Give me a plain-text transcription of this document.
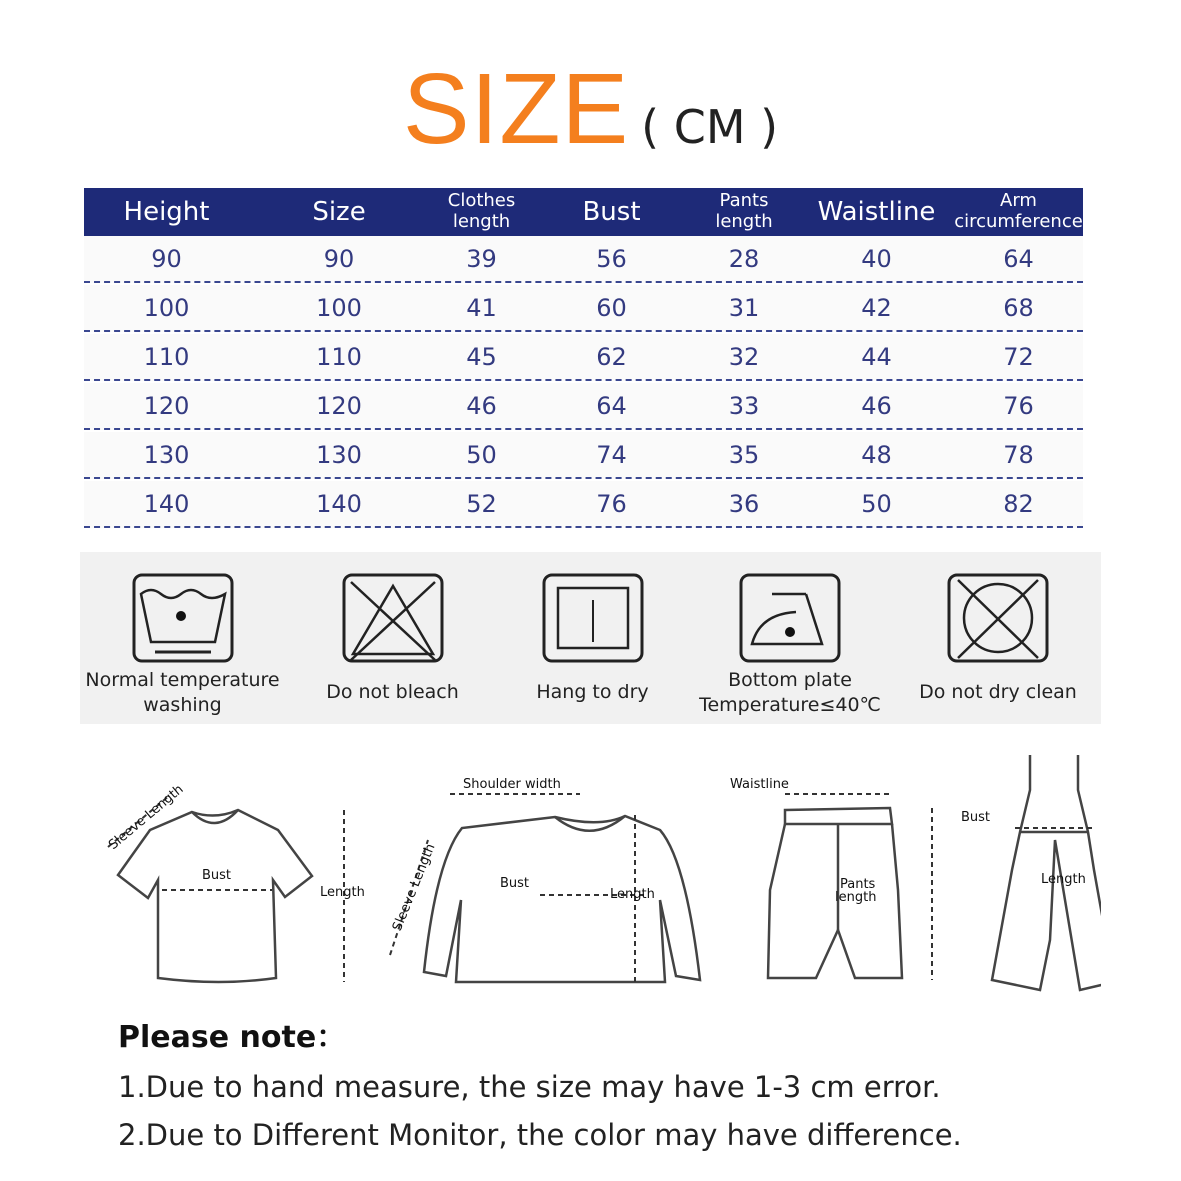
SIZE ( CM )
Height	Size	Clothes length	Bust	Pants length	Waistline	Arm circumference
90	90	39	56	28	40	64
100	100	41	60	31	42	68
110	110	45	62	32	44	72
120	120	46	64	33	46	76
130	130	50	74	35	48	78
140	140	52	76	36	50	82
Normal temperature
washing
Do not bleach	Hang to dry
Bottom plate
Temperature≤40℃
Do not dry clean
Sleeve Length
Bust
Length
Shoulder width
Sleeve Length	Bust
Length
Waistline
Pants
length
Bust
Length
Please note：
1.Due to hand measure, the size may have 1-3 cm error.
2.Due to Different Monitor, the color may have difference.
